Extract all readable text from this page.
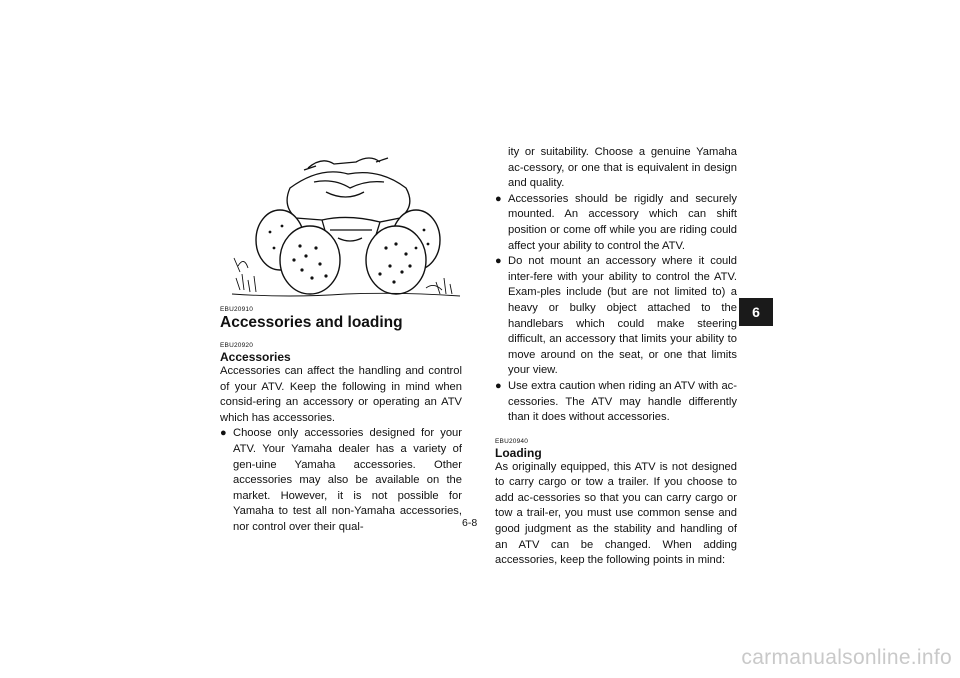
EBU20910

Accessories and loading

EBU20920

Accessories

Accessories can affect the handling and control of your ATV. Keep the following in mind when consid-ering an accessory or operating an ATV which has accessories.

● Choose only accessories designed for your ATV. Your Yamaha dealer has a variety of gen-uine Yamaha accessories. Other accessories may also be available on the market. However, it is not possible for Yamaha to test all non-Yamaha accessories, nor control over their qual-

ity or suitability. Choose a genuine Yamaha ac-cessory, or one that is equivalent in design and quality.

● Accessories should be rigidly and securely mounted. An accessory which can shift position or come off while you are riding could affect your ability to control the ATV.
● Do not mount an accessory where it could inter-fere with your ability to control the ATV. Exam-ples include (but are not limited to) a heavy or bulky object attached to the handlebars which could make steering difficult, an accessory that limits your ability to move around on the seat, or one that limits your view.
● Use extra caution when riding an ATV with ac-cessories. The ATV may handle differently than it does without accessories.

EBU20940

Loading

As originally equipped, this ATV is not designed to carry cargo or tow a trailer. If you choose to add ac-cessories so that you can carry cargo or tow a trail-er, you must use common sense and good judgment as the stability and handling of an ATV can be changed. When adding accessories, keep the following points in mind:

6
6-8
carmanualsonline.info
